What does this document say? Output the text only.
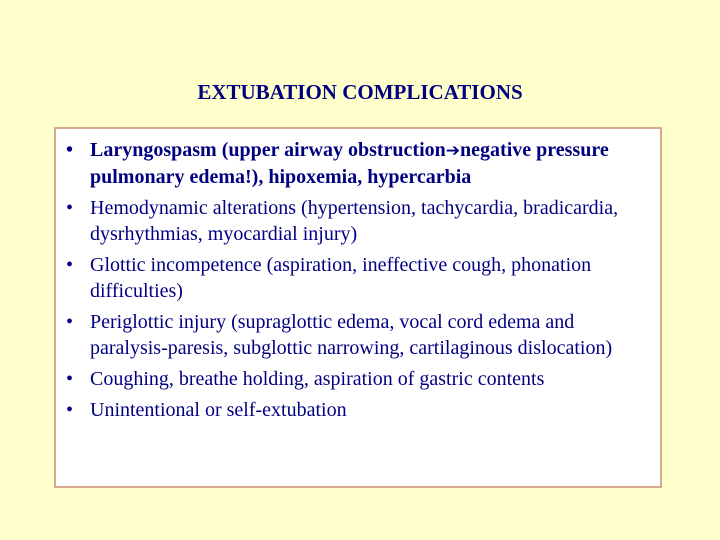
EXTUBATION COMPLICATIONS
• Laryngospasm (upper airway obstruction➔negative pressure pulmonary edema!), hipoxemia, hypercarbia
• Hemodynamic alterations (hypertension, tachycardia, bradicardia, dysrhythmias, myocardial injury)
• Glottic incompetence (aspiration, ineffective cough, phonation difficulties)
• Periglottic injury (supraglottic edema, vocal cord edema and paralysis-paresis, subglottic narrowing, cartilaginous dislocation)
• Coughing, breathe holding, aspiration of gastric contents
• Unintentional or self-extubation
